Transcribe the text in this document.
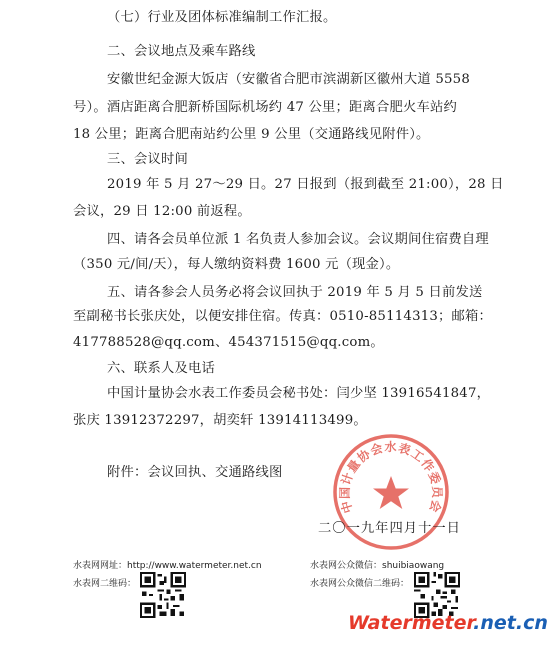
（七）行业及团体标准编制工作汇报。
二、会议地点及乘车路线
安徽世纪金源大饭店（安徽省合肥市滨湖新区徽州大道 5558
号）。酒店距离合肥新桥国际机场约 47 公里；距离合肥火车站约
18 公里；距离合肥南站约公里 9 公里（交通路线见附件）。
三、会议时间
2019 年 5 月 27～29 日。27 日报到（报到截至 21:00），28 日
会议，29 日 12:00 前返程。
四、请各会员单位派 1 名负责人参加会议。会议期间住宿费自理
（350 元/间/天），每人缴纳资料费 1600 元（现金）。
五、请各参会人员务必将会议回执于 2019 年 5 月 5 日前发送
至副秘书长张庆处，以便安排住宿。传真：0510-85114313；邮箱：
417788528@qq.com、454371515@qq.com。
六、联系人及电话
中国计量协会水表工作委员会秘书处：闫少坚 13916541847，
张庆 13912372297，胡奕轩 13914113499。
附件：会议回执、交通路线图
中国计量协会水表工作委员会
二〇一九年四月十一日
水表网网址：http://www.watermeter.net.cn
水表网二维码：
水表网公众微信：shuibiaowang
水表网公众微信二维码：
Watermeter.net.cn
